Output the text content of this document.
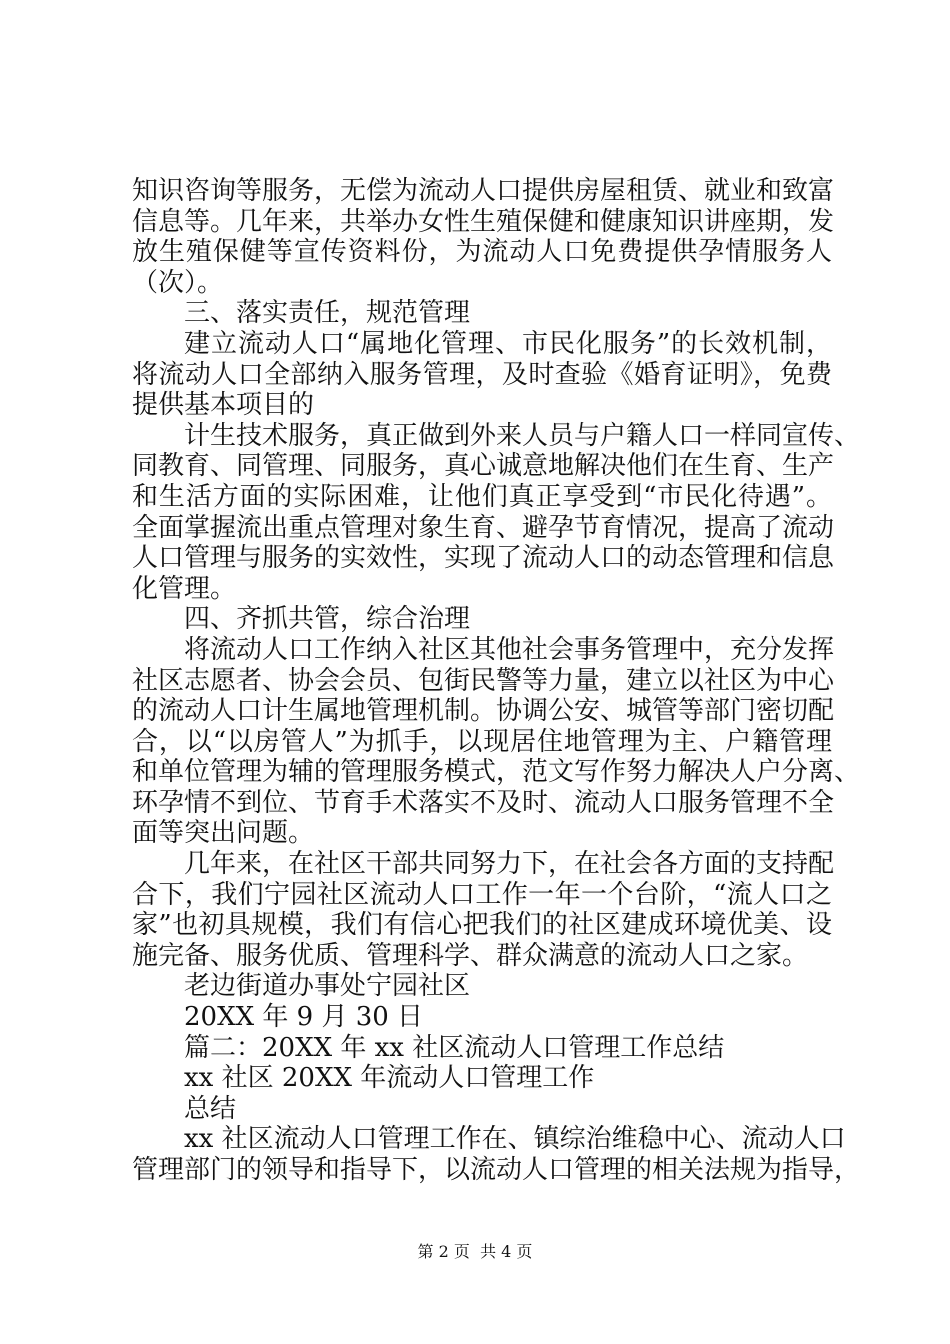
知识咨询等服务，无偿为流动人口提供房屋租赁、就业和致富
信息等。几年来，共举办女性生殖保健和健康知识讲座期，发
放生殖保健等宣传资料份，为流动人口免费提供孕情服务人
（次）。
三、落实责任，规范管理
建立流动人口“属地化管理、市民化服务”的长效机制，
将流动人口全部纳入服务管理，及时查验《婚育证明》，免费
提供基本项目的
计生技术服务，真正做到外来人员与户籍人口一样同宣传、
同教育、同管理、同服务，真心诚意地解决他们在生育、生产
和生活方面的实际困难，让他们真正享受到“市民化待遇”。
全面掌握流出重点管理对象生育、避孕节育情况，提高了流动
人口管理与服务的实效性，实现了流动人口的动态管理和信息
化管理。
四、齐抓共管，综合治理
将流动人口工作纳入社区其他社会事务管理中，充分发挥
社区志愿者、协会会员、包街民警等力量，建立以社区为中心
的流动人口计生属地管理机制。协调公安、城管等部门密切配
合，以“以房管人”为抓手，以现居住地管理为主、户籍管理
和单位管理为辅的管理服务模式，范文写作努力解决人户分离、
环孕情不到位、节育手术落实不及时、流动人口服务管理不全
面等突出问题。
几年来，在社区干部共同努力下，在社会各方面的支持配
合下，我们宁园社区流动人口工作一年一个台阶，“流人口之
家”也初具规模，我们有信心把我们的社区建成环境优美、设
施完备、服务优质、管理科学、群众满意的流动人口之家。
老边街道办事处宁园社区
20XX 年 9 月 30 日
篇二：20XX 年 xx 社区流动人口管理工作总结
xx 社区 20XX 年流动人口管理工作
总结
xx 社区流动人口管理工作在、镇综治维稳中心、流动人口
管理部门的领导和指导下，以流动人口管理的相关法规为指导，
第 2 页  共 4 页
